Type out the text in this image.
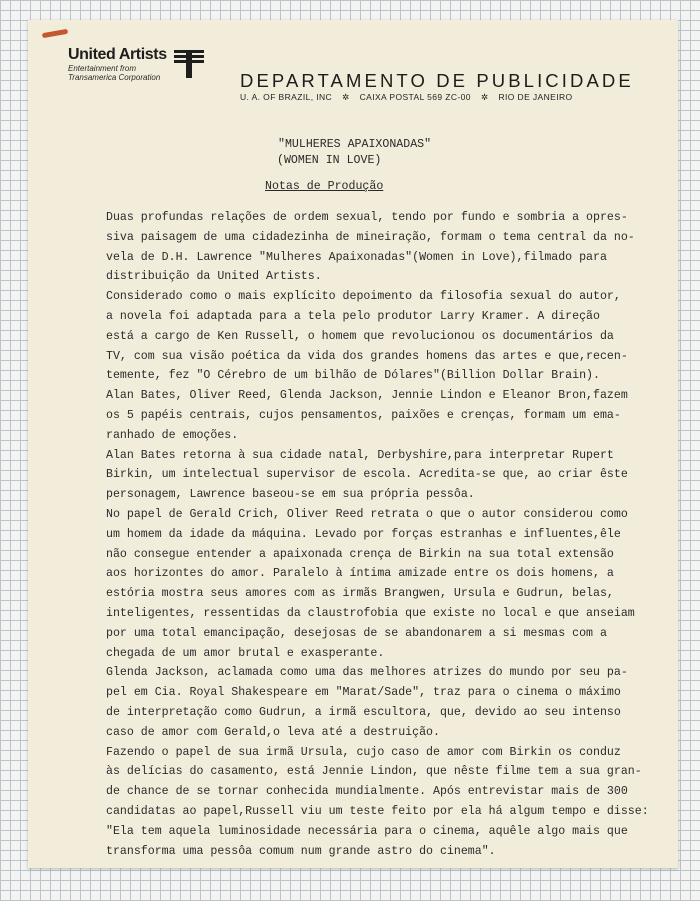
United Artists
Entertainment from
Transamerica Corporation	DEPARTAMENTO DE PUBLICIDADE
U. A. OF BRAZIL, INC ✲ CAIXA POSTAL 569 ZC-00 ✲ RIO DE JANEIRO
"MULHERES APAIXONADAS"
(WOMEN IN LOVE)
Notas de Produção
Duas profundas relações de ordem sexual, tendo por fundo e sombria a opres-
siva paisagem de uma cidadezinha de mineiração, formam o tema central da no-
vela de D.H. Lawrence "Mulheres Apaixonadas"(Women in Love),filmado para
distribuição da United Artists.
Considerado como o mais explícito depoimento da filosofia sexual do autor,
a novela foi adaptada para a tela pelo produtor Larry Kramer. A direção
está a cargo de Ken Russell, o homem que revolucionou os documentários da
TV, com sua visão poética da vida dos grandes homens das artes e que,recen-
temente, fez "O Cérebro de um bilhão de Dólares"(Billion Dollar Brain).
Alan Bates, Oliver Reed, Glenda Jackson, Jennie Lindon e Eleanor Bron,fazem
os 5 papéis centrais, cujos pensamentos, paixões e crenças, formam um ema-
ranhado de emoções.
Alan Bates retorna à sua cidade natal, Derbyshire,para interpretar Rupert
Birkin, um intelectual supervisor de escola. Acredita-se que, ao criar êste
personagem, Lawrence baseou-se em sua própria pessôa.
No papel de Gerald Crich, Oliver Reed retrata o que o autor considerou como
um homem da idade da máquina. Levado por forças estranhas e influentes,êle
não consegue entender a apaixonada crença de Birkin na sua total extensão
aos horizontes do amor. Paralelo à íntima amizade entre os dois homens, a
estória mostra seus amores com as irmãs Brangwen, Ursula e Gudrun, belas,
inteligentes, ressentidas da claustrofobia que existe no local e que anseiam
por uma total emancipação, desejosas de se abandonarem a si mesmas com a
chegada de um amor brutal e exasperante.
Glenda Jackson, aclamada como uma das melhores atrizes do mundo por seu pa-
pel em Cia. Royal Shakespeare em "Marat/Sade", traz para o cinema o máximo
de interpretação como Gudrun, a irmã escultora, que, devido ao seu intenso
caso de amor com Gerald,o leva até a destruição.
Fazendo o papel de sua irmã Ursula, cujo caso de amor com Birkin os conduz
às delícias do casamento, está Jennie Lindon, que nêste filme tem a sua gran-
de chance de se tornar conhecida mundialmente. Após entrevistar mais de 300
candidatas ao papel,Russell viu um teste feito por ela há algum tempo e disse:
"Ela tem aquela luminosidade necessária para o cinema, aquêle algo mais que
transforma uma pessôa comum num grande astro do cinema".
